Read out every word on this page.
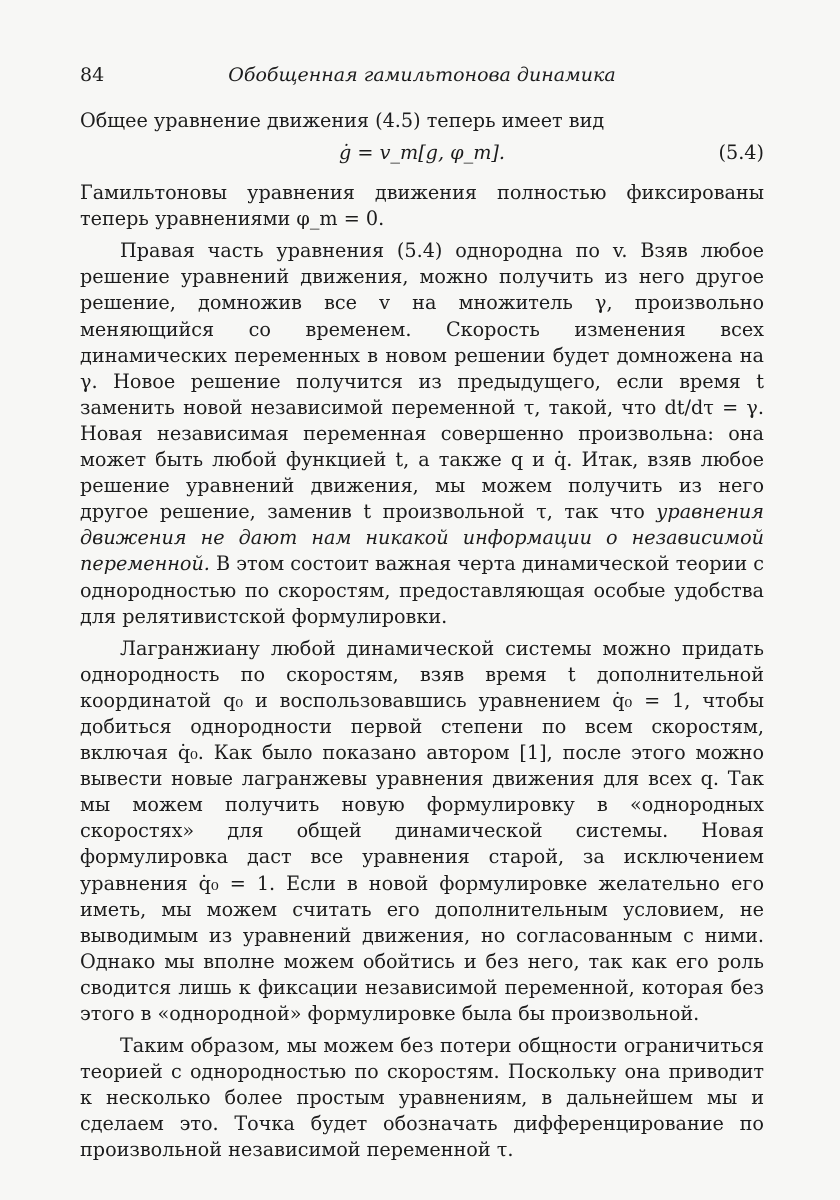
84	Обобщенная гамильтонова динамика

Общее уравнение движения (4.5) теперь имеет вид

ġ = v_m[g, φ_m].	(5.4)

Гамильтоновы уравнения движения полностью фиксированы теперь уравнениями φ_m = 0.

Правая часть уравнения (5.4) однородна по v. Взяв любое решение уравнений движения, можно получить из него другое решение, домножив все v на множитель γ, произвольно меняющийся со временем. Скорость изменения всех динамических переменных в новом решении будет домножена на γ. Новое решение получится из предыдущего, если время t заменить новой независимой переменной τ, такой, что dt/dτ = γ. Новая независимая переменная совершенно произвольна: она может быть любой функцией t, а также q и q̇. Итак, взяв любое решение уравнений движения, мы можем получить из него другое решение, заменив t произвольной τ, так что уравнения движения не дают нам никакой информации о независимой переменной. В этом состоит важная черта динамической теории с однородностью по скоростям, предоставляющая особые удобства для релятивистской формулировки.

Лагранжиану любой динамической системы можно придать однородность по скоростям, взяв время t дополнительной координатой q₀ и воспользовавшись уравнением q̇₀ = 1, чтобы добиться однородности первой степени по всем скоростям, включая q̇₀. Как было показано автором [1], после этого можно вывести новые лагранжевы уравнения движения для всех q. Так мы можем получить новую формулировку в «однородных скоростях» для общей динамической системы. Новая формулировка даст все уравнения старой, за исключением уравнения q̇₀ = 1. Если в новой формулировке желательно его иметь, мы можем считать его дополнительным условием, не выводимым из уравнений движения, но согласованным с ними. Однако мы вполне можем обойтись и без него, так как его роль сводится лишь к фиксации независимой переменной, которая без этого в «однородной» формулировке была бы произвольной.

Таким образом, мы можем без потери общности ограничиться теорией с однородностью по скоростям. Поскольку она приводит к несколько более простым уравнениям, в дальнейшем мы и сделаем это. Точка будет обозначать дифференцирование по произвольной независимой переменной τ.
